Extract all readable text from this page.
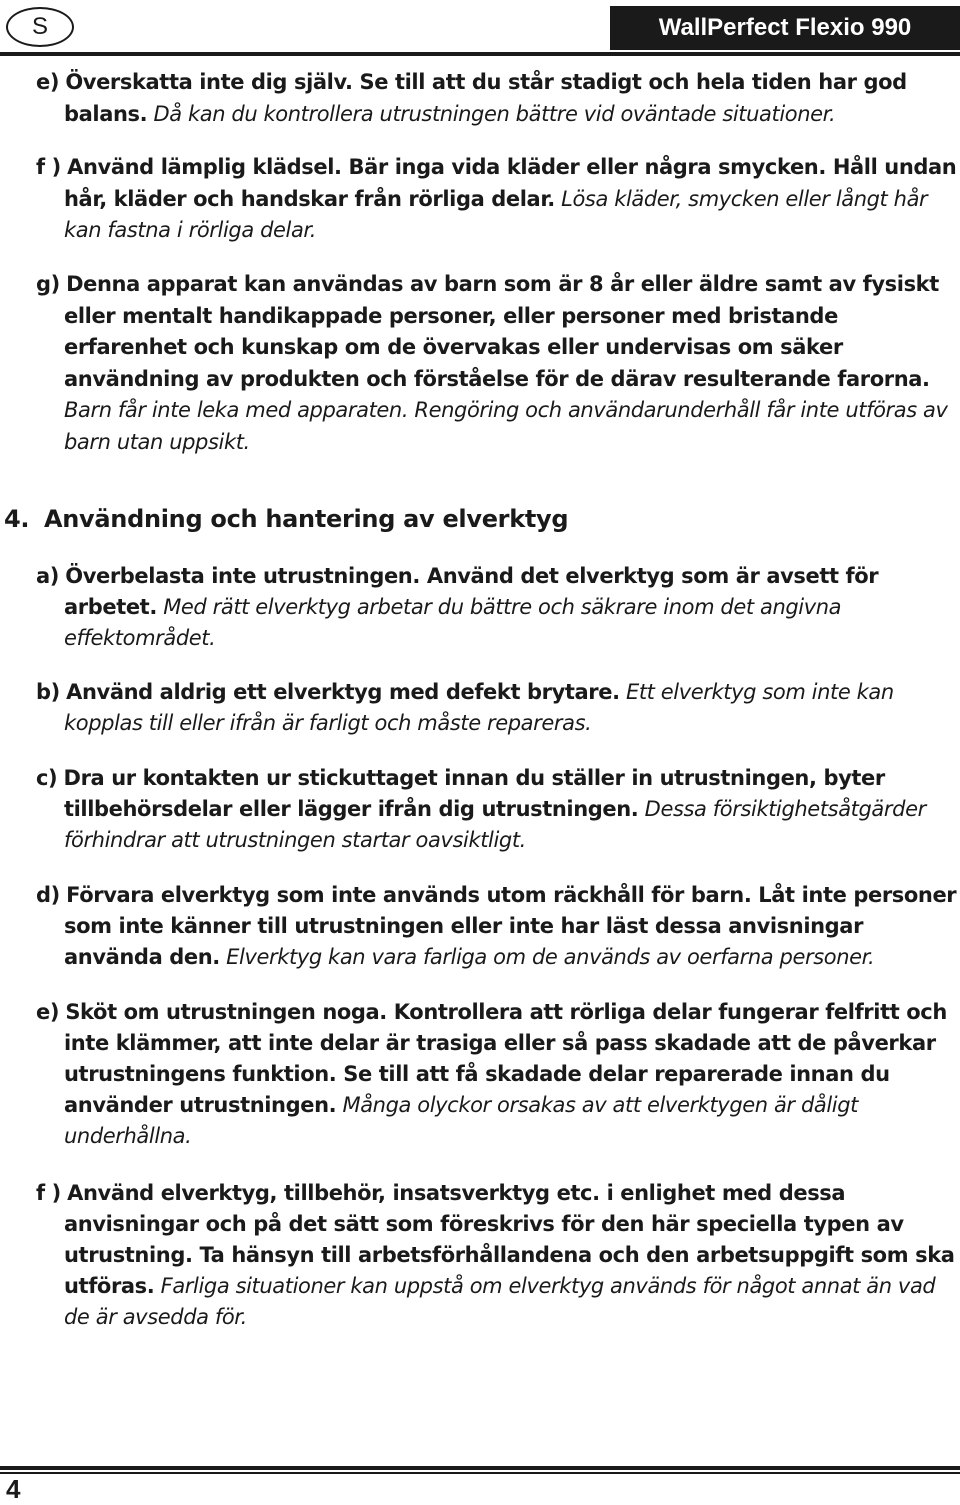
S	WallPerfect Flexio 990
e) Överskatta inte dig själv. Se till att du står stadigt och hela tiden har god balans. Då kan du kontrollera utrustningen bättre vid oväntade situationer.
f ) Använd lämplig klädsel. Bär inga vida kläder eller några smycken. Håll undan hår, kläder och handskar från rörliga delar. Lösa kläder, smycken eller långt hår kan fastna i rörliga delar.
g) Denna apparat kan användas av barn som är 8 år eller äldre samt av fysiskt eller mentalt handikappade personer, eller personer med bristande erfarenhet och kunskap om de övervakas eller undervisas om säker användning av produkten och förståelse för de därav resulterande farorna. Barn får inte leka med apparaten. Rengöring och användarunderhåll får inte utföras av barn utan uppsikt.
4. Användning och hantering av elverktyg
a) Överbelasta inte utrustningen. Använd det elverktyg som är avsett för arbetet. Med rätt elverktyg arbetar du bättre och säkrare inom det angivna effektområdet.
b) Använd aldrig ett elverktyg med defekt brytare. Ett elverktyg som inte kan kopplas till eller ifrån är farligt och måste repareras.
c) Dra ur kontakten ur stickuttaget innan du ställer in utrustningen, byter tillbehörsdelar eller lägger ifrån dig utrustningen. Dessa försiktighetsåtgärder förhindrar att utrustningen startar oavsiktligt.
d) Förvara elverktyg som inte används utom räckhåll för barn. Låt inte personer som inte känner till utrustningen eller inte har läst dessa anvisningar använda den. Elverktyg kan vara farliga om de används av oerfarna personer.
e) Sköt om utrustningen noga. Kontrollera att rörliga delar fungerar felfritt och inte klämmer, att inte delar är trasiga eller så pass skadade att de påverkar utrustningens funktion. Se till att få skadade delar reparerade innan du använder utrustningen. Många olyckor orsakas av att elverktygen är dåligt underhållna.
f ) Använd elverktyg, tillbehör, insatsverktyg etc. i enlighet med dessa anvisningar och på det sätt som föreskrivs för den här speciella typen av utrustning. Ta hänsyn till arbetsförhållandena och den arbetsuppgift som ska utföras. Farliga situationer kan uppstå om elverktyg används för något annat än vad de är avsedda för.
4
